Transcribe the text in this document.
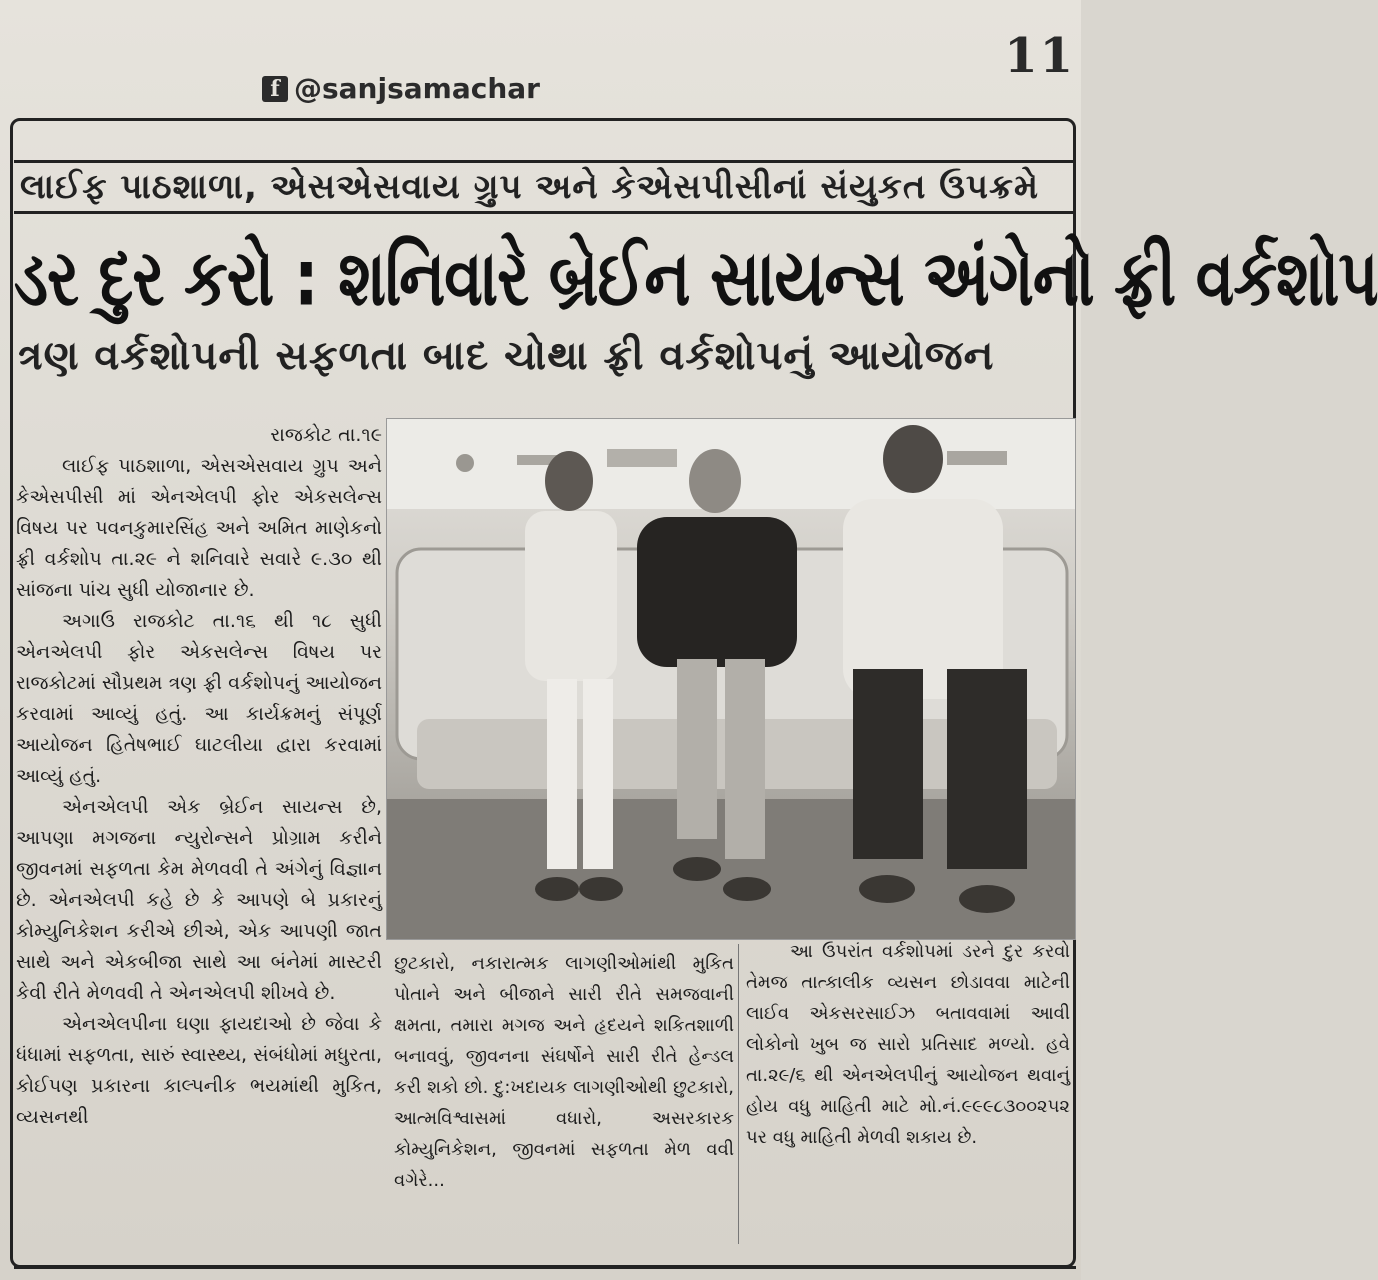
11
f @sanjsamachar
લાઈફ પાઠશાળા, એસએસવાય ગ્રુપ અને કેએસપીસીનાં સંયુકત ઉપક્રમે
ડર દુર કરો : શનિવારે બ્રેઈન સાયન્સ અંગેનો ફ્રી વર્કશોપ
ત્રણ વર્કશોપની સફળતા બાદ ચોથા ફ્રી વર્કશોપનું આયોજન

રાજકોટ તા.૧૯

લાઈફ પાઠશાળા, એસએસવાય ગ્રુપ અને કેએસપીસી માં એનએલપી ફોર એકસલેન્સ વિષય પર પવનકુમારસિંહ અને અમિત માણેકનો ફ્રી વર્કશોપ તા.૨૯ ને શનિવારે સવારે ૯.૩૦ થી સાંજના પાંચ સુધી યોજાનાર છે.

અગાઉ રાજકોટ તા.૧૬ થી ૧૮ સુધી એનએલપી ફોર એકસલેન્સ વિષય પર રાજકોટમાં સૌપ્રથમ ત્રણ ફ્રી વર્કશોપનું આયોજન કરવામાં આવ્યું હતું. આ કાર્યક્રમનું સંપૂર્ણ આયોજન હિતેષભાઈ ઘાટલીયા દ્વારા કરવામાં આવ્યું હતું.

એનએલપી એક બ્રેઈન સાયન્સ છે, આપણા મગજના ન્યુરોન્સને પ્રોગ્રામ કરીને જીવનમાં સફળતા કેમ મેળવવી તે અંગેનું વિજ્ઞાન છે. એનએલપી કહે છે કે આપણે બે પ્રકારનું કોમ્યુનિકેશન કરીએ છીએ, એક આપણી જાત સાથે અને એકબીજા સાથે આ બંનેમાં માસ્ટરી કેવી રીતે મેળવવી તે એનએલપી શીખવે છે.

એનએલપીના ઘણા ફાયદાઓ છે જેવા કે ધંધામાં સફળતા, સારું સ્વાસ્થ્ય, સંબંધોમાં મધુરતા, કોઈપણ પ્રકારના કાલ્પનીક ભયમાંથી મુકિત, વ્યસનથી

છુટકારો, નકારાત્મક લાગણીઓમાંથી મુકિત પોતાને અને બીજાને સારી રીતે સમજવાની ક્ષમતા, તમારા મગજ અને હૃદયને શકિતશાળી બનાવવું, જીવનના સંઘર્ષોને સારી રીતે હેન્ડલ કરી શકો છો. દુ:ખદાયક લાગણીઓથી છુટકારો, આત્મવિશ્વાસમાં વધારો, અસરકારક કોમ્યુનિકેશન, જીવનમાં સફળતા મેળ વવી વગેરે...

આ ઉપરાંત વર્કશોપમાં ડરને દુર કરવો તેમજ તાત્કાલીક વ્યસન છોડાવવા માટેની લાઈવ એકસરસાઈઝ બતાવવામાં આવી લોકોનો ખુબ જ સારો પ્રતિસાદ મળ્યો. હવે તા.૨૯/૬ થી એનએલપીનું આયોજન થવાનું હોય વધુ માહિતી માટે મો.નં.૯૯૯૮૩૦૦૨૫૨ પર વધુ માહિતી મેળવી શકાય છે.
